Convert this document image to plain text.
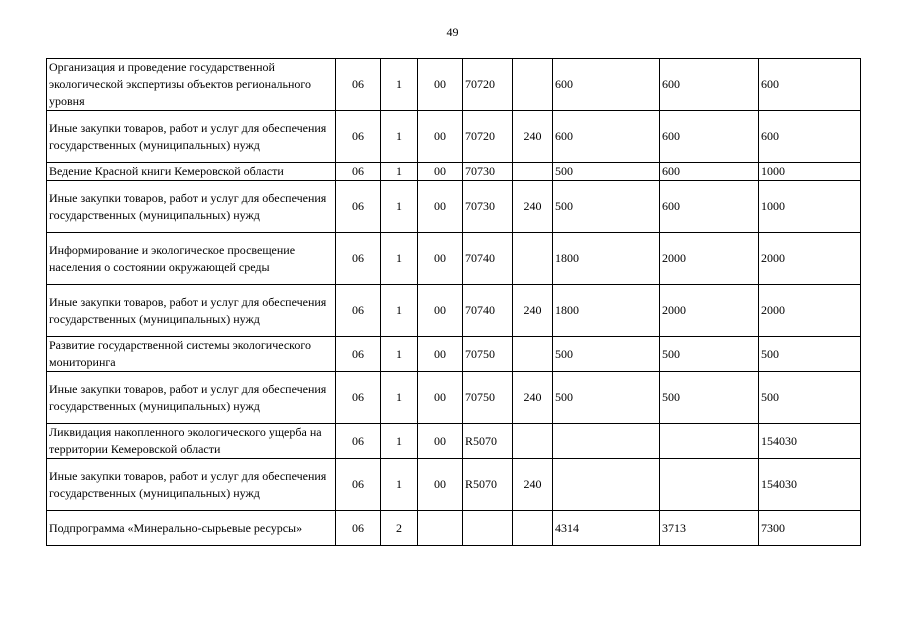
49
Организация и проведение государственной экологической экспертизы объектов регионального уровня	06	1	00	70720		600	600	600
Иные закупки товаров, работ и услуг для обеспечения государственных (муниципальных) нужд	06	1	00	70720	240	600	600	600
Ведение Красной книги Кемеровской области	06	1	00	70730		500	600	1000
Иные закупки товаров, работ и услуг для обеспечения государственных (муниципальных) нужд	06	1	00	70730	240	500	600	1000
Информирование и экологическое просвещение населения о состоянии окружающей среды	06	1	00	70740		1800	2000	2000
Иные закупки товаров, работ и услуг для обеспечения государственных (муниципальных) нужд	06	1	00	70740	240	1800	2000	2000
Развитие государственной системы экологического мониторинга	06	1	00	70750		500	500	500
Иные закупки товаров, работ и услуг для обеспечения государственных (муниципальных) нужд	06	1	00	70750	240	500	500	500
Ликвидация накопленного экологического ущерба на территории Кемеровской области	06	1	00	R5070				154030
Иные закупки товаров, работ и услуг для обеспечения государственных (муниципальных) нужд	06	1	00	R5070	240			154030
Подпрограмма «Минерально-сырьевые ресурсы»	06	2				4314	3713	7300
